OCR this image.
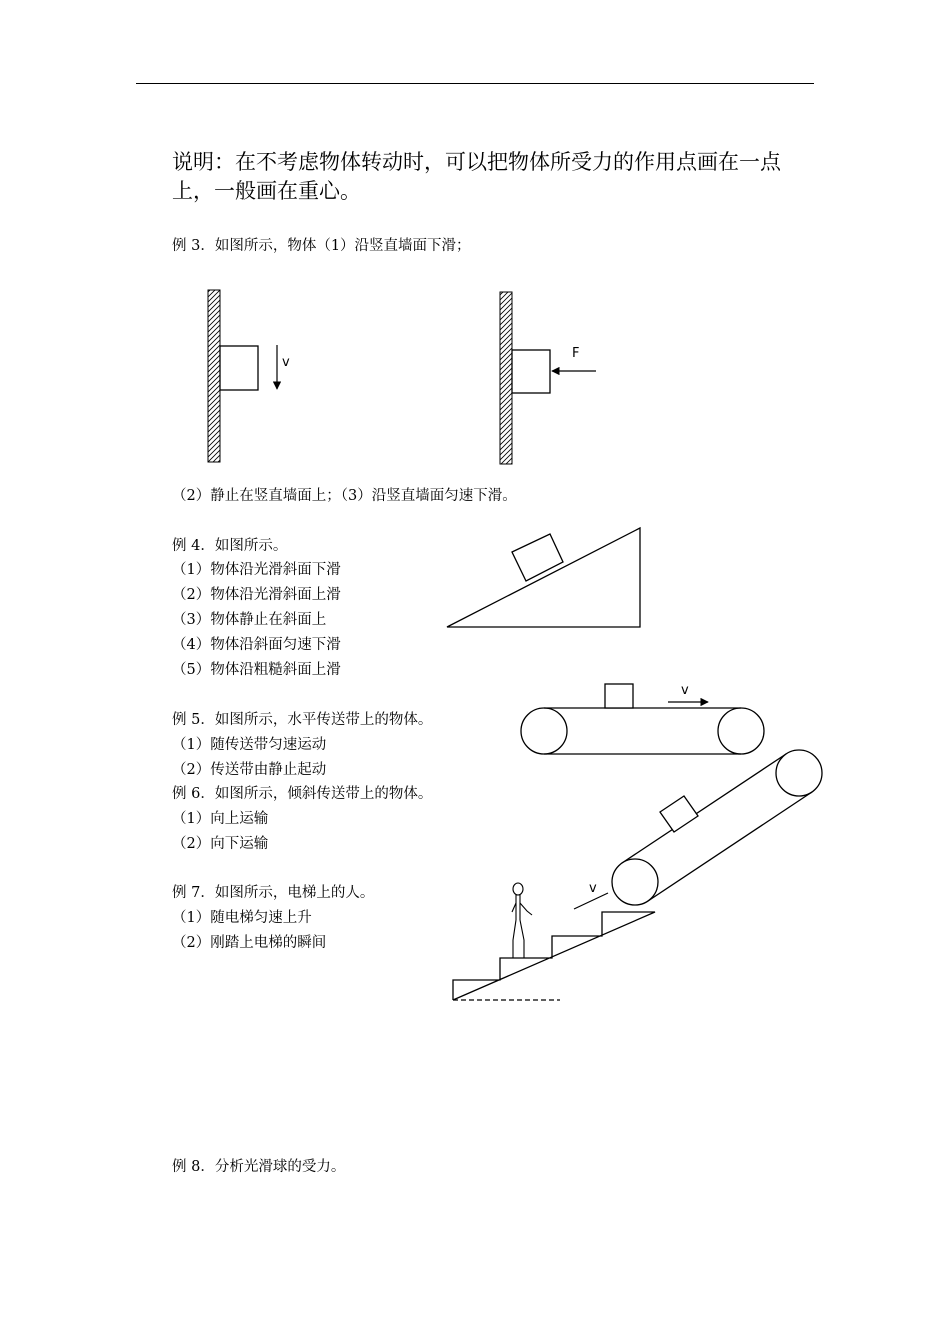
说明：在不考虑物体转动时，可以把物体所受力的作用点画在一点上，一般画在重心。
例 3．如图所示，物体（1）沿竖直墙面下滑；
v
F
v
v
（2）静止在竖直墙面上；（3）沿竖直墙面匀速下滑。
例 4．如图所示。
（1）物体沿光滑斜面下滑
（2）物体沿光滑斜面上滑
（3）物体静止在斜面上
（4）物体沿斜面匀速下滑
（5）物体沿粗糙斜面上滑
例 5．如图所示，水平传送带上的物体。
（1）随传送带匀速运动
（2）传送带由静止起动
例 6．如图所示，倾斜传送带上的物体。
（1）向上运输
（2）向下运输
例 7．如图所示，电梯上的人。
（1）随电梯匀速上升
（2）刚踏上电梯的瞬间
例 8．分析光滑球的受力。
